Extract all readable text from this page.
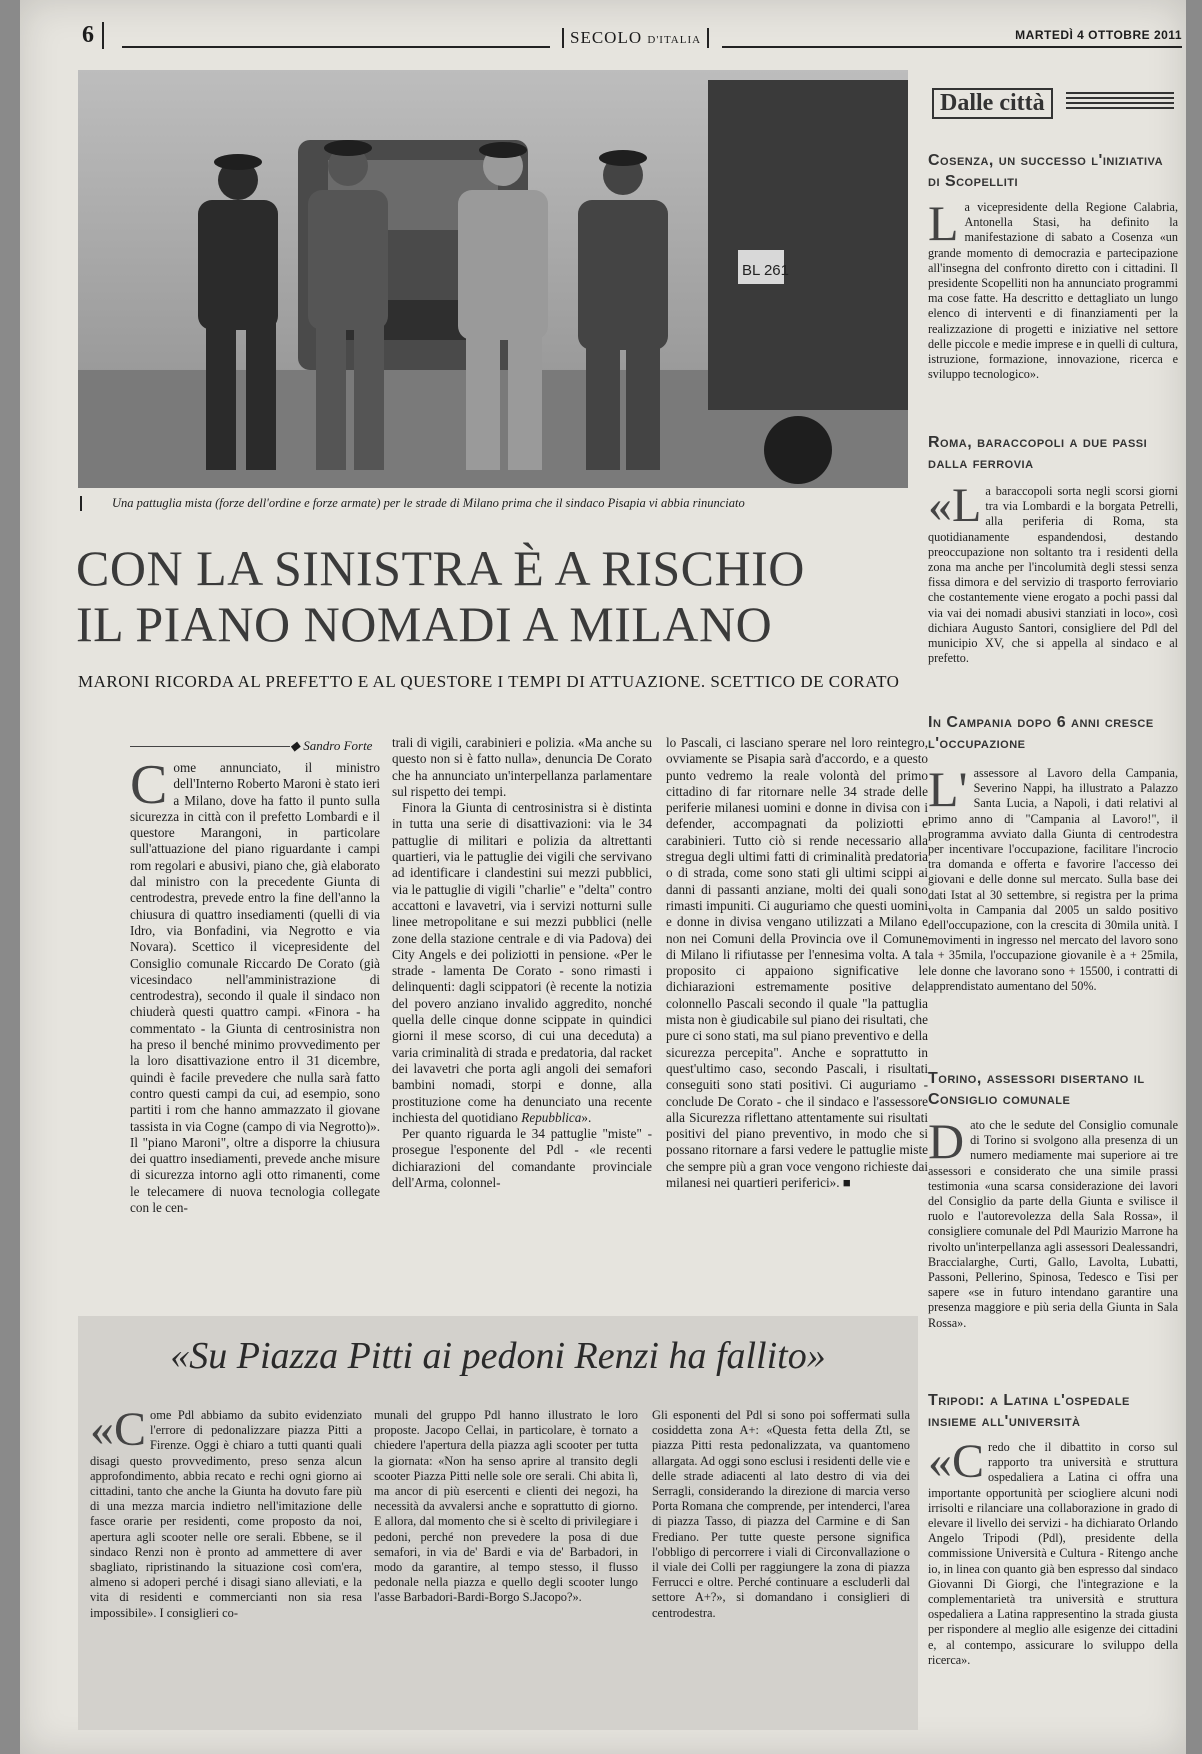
6	SECOLO D'ITALIA	MARTEDÌ 4 OTTOBRE 2011
BL 261
Una pattuglia mista (forze dell'ordine e forze armate) per le strade di Milano prima che il sindaco Pisapia vi abbia rinunciato
CON LA SINISTRA È A RISCHIO
IL PIANO NOMADI A MILANO
MARONI RICORDA AL PREFETTO E AL QUESTORE I TEMPI DI ATTUAZIONE. SCETTICO DE CORATO
◆ Sandro Forte
C ome annunciato, il ministro dell'Interno Roberto Maroni è stato ieri a Milano, dove ha fatto il punto sulla sicurezza in città con il prefetto Lombardi e il questore Marangoni, in particolare sull'attuazione del piano riguardante i campi rom regolari e abusivi, piano che, già elaborato dal ministro con la precedente Giunta di centrodestra, prevede entro la fine dell'anno la chiusura di quattro insediamenti (quelli di via Idro, via Bonfadini, via Negrotto e via Novara). Scettico il vicepresidente del Consiglio comunale Riccardo De Corato (già vicesindaco nell'amministrazione di centrodestra), secondo il quale il sindaco non chiuderà questi quattro campi. «Finora - ha commentato - la Giunta di centrosinistra non ha preso il benché minimo provvedimento per la loro disattivazione entro il 31 dicembre, quindi è facile prevedere che nulla sarà fatto contro questi campi da cui, ad esempio, sono partiti i rom che hanno ammazzato il giovane tassista in via Cogne (campo di via Negrotto)». Il "piano Maroni", oltre a disporre la chiusura dei quattro insediamenti, prevede anche misure di sicurezza intorno agli otto rimanenti, come le telecamere di nuova tecnologia collegate con le cen-

trali di vigili, carabinieri e polizia. «Ma anche su questo non si è fatto nulla», denuncia De Corato che ha annunciato un'interpellanza parlamentare sul rispetto dei tempi.

Finora la Giunta di centrosinistra si è distinta in tutta una serie di disattivazioni: via le 34 pattuglie di militari e polizia da altrettanti quartieri, via le pattuglie dei vigili che servivano ad identificare i clandestini sui mezzi pubblici, via le pattuglie di vigili "charlie" e "delta" contro accattoni e lavavetri, via i servizi notturni sulle linee metropolitane e sui mezzi pubblici (nelle zone della stazione centrale e di via Padova) dei City Angels e dei poliziotti in pensione. «Per le strade - lamenta De Corato - sono rimasti i delinquenti: dagli scippatori (è recente la notizia del povero anziano invalido aggredito, nonché quella delle cinque donne scippate in quindici giorni il mese scorso, di cui una deceduta) a varia criminalità di strada e predatoria, dal racket dei lavavetri che porta agli angoli dei semafori bambini nomadi, storpi e donne, alla prostituzione come ha denunciato una recente inchiesta del quotidiano Repubblica».

Per quanto riguarda le 34 pattuglie "miste" - prosegue l'esponente del Pdl - «le recenti dichiarazioni del comandante provinciale dell'Arma, colonnel-

lo Pascali, ci lasciano sperare nel loro reintegro, ovviamente se Pisapia sarà d'accordo, e a questo punto vedremo la reale volontà del primo cittadino di far ritornare nelle 34 strade delle periferie milanesi uomini e donne in divisa con i defender, accompagnati da poliziotti e carabinieri. Tutto ciò si rende necessario alla stregua degli ultimi fatti di criminalità predatoria o di strada, come sono stati gli ultimi scippi ai danni di passanti anziane, molti dei quali sono rimasti impuniti. Ci auguriamo che questi uomini e donne in divisa vengano utilizzati a Milano e non nei Comuni della Provincia ove il Comune di Milano li rifiutasse per l'ennesima volta. A tal proposito ci appaiono significative le dichiarazioni estremamente positive del colonnello Pascali secondo il quale "la pattuglia mista non è giudicabile sul piano dei risultati, che pure ci sono stati, ma sul piano preventivo e della sicurezza percepita". Anche e soprattutto in quest'ultimo caso, secondo Pascali, i risultati conseguiti sono stati positivi. Ci auguriamo - conclude De Corato - che il sindaco e l'assessore alla Sicurezza riflettano attentamente sui risultati positivi del piano preventivo, in modo che si possano ritornare a farsi vedere le pattuglie miste che sempre più a gran voce vengono richieste dai milanesi nei quartieri periferici». ■

«Su Piazza Pitti ai pedoni Renzi ha fallito»
«C ome Pdl abbiamo da subito evidenziato l'errore di pedonalizzare piazza Pitti a Firenze. Oggi è chiaro a tutti quanti quali disagi questo provvedimento, preso senza alcun approfondimento, abbia recato e rechi ogni giorno ai cittadini, tanto che anche la Giunta ha dovuto fare più di una mezza marcia indietro nell'imitazione delle fasce orarie per residenti, come proposto da noi, apertura agli scooter nelle ore serali. Ebbene, se il sindaco Renzi non è pronto ad ammettere di aver sbagliato, ripristinando la situazione così com'era, almeno si adoperi perché i disagi siano alleviati, e la vita di residenti e commercianti non sia resa impossibile». I consiglieri co-
munali del gruppo Pdl hanno illustrato le loro proposte. Jacopo Cellai, in particolare, è tornato a chiedere l'apertura della piazza agli scooter per tutta la giornata: «Non ha senso aprire al transito degli scooter Piazza Pitti nelle sole ore serali. Chi abita lì, ma ancor di più esercenti e clienti dei negozi, ha necessità da avvalersi anche e soprattutto di giorno. E allora, dal momento che si è scelto di privilegiare i pedoni, perché non prevedere la posa di due semafori, in via de' Bardi e via de' Barbadori, in modo da garantire, al tempo stesso, il flusso pedonale nella piazza e quello degli scooter lungo l'asse Barbadori-Bardi-Borgo S.Jacopo?».
Gli esponenti del Pdl si sono poi soffermati sulla cosiddetta zona A+: «Questa fetta della Ztl, se piazza Pitti resta pedonalizzata, va quantomeno allargata. Ad oggi sono esclusi i residenti delle vie e delle strade adiacenti al lato destro di via dei Serragli, considerando la direzione di marcia verso Porta Romana che comprende, per intenderci, l'area di piazza Tasso, di piazza del Carmine e di San Frediano. Per tutte queste persone significa l'obbligo di percorrere i viali di Circonvallazione o il viale dei Colli per raggiungere la zona di piazza Ferrucci e oltre. Perché continuare a escluderli dal settore A+?», si domandano i consiglieri di centrodestra.
Dalle città
Cosenza, un successo l'iniziativa di Scopelliti
L a vicepresidente della Regione Calabria, Antonella Stasi, ha definito la manifestazione di sabato a Cosenza «un grande momento di democrazia e partecipazione all'insegna del confronto diretto con i cittadini. Il presidente Scopelliti non ha annunciato programmi ma cose fatte. Ha descritto e dettagliato un lungo elenco di interventi e di finanziamenti per la realizzazione di progetti e iniziative nel settore delle piccole e medie imprese e in quelli di cultura, istruzione, formazione, innovazione, ricerca e sviluppo tecnologico».
Roma, baraccopoli a due passi dalla ferrovia
«L a baraccopoli sorta negli scorsi giorni tra via Lombardi e la borgata Petrelli, alla periferia di Roma, sta quotidianamente espandendosi, destando preoccupazione non soltanto tra i residenti della zona ma anche per l'incolumità degli stessi senza fissa dimora e del servizio di trasporto ferroviario che costantemente viene erogato a pochi passi dal via vai dei nomadi abusivi stanziati in loco», così dichiara Augusto Santori, consigliere del Pdl del municipio XV, che si appella al sindaco e al prefetto.
In Campania dopo 6 anni cresce l'occupazione
L' assessore al Lavoro della Campania, Severino Nappi, ha illustrato a Palazzo Santa Lucia, a Napoli, i dati relativi al primo anno di "Campania al Lavoro!", il programma avviato dalla Giunta di centrodestra per incentivare l'occupazione, facilitare l'incrocio tra domanda e offerta e favorire l'accesso dei giovani e delle donne sul mercato. Sulla base dei dati Istat al 30 settembre, si registra per la prima volta in Campania dal 2005 un saldo positivo dell'occupazione, con la crescita di 30mila unità. I movimenti in ingresso nel mercato del lavoro sono a + 35mila, l'occupazione giovanile è a + 25mila, le donne che lavorano sono + 15500, i contratti di apprendistato aumentano del 50%.
Torino, assessori disertano il Consiglio comunale
D ato che le sedute del Consiglio comunale di Torino si svolgono alla presenza di un numero mediamente mai superiore ai tre assessori e considerato che una simile prassi testimonia «una scarsa considerazione dei lavori del Consiglio da parte della Giunta e svilisce il ruolo e l'autorevolezza della Sala Rossa», il consigliere comunale del Pdl Maurizio Marrone ha rivolto un'interpellanza agli assessori Dealessandri, Braccialarghe, Curti, Gallo, Lavolta, Lubatti, Passoni, Pellerino, Spinosa, Tedesco e Tisi per sapere «se in futuro intendano garantire una presenza maggiore e più seria della Giunta in Sala Rossa».
Tripodi: a Latina l'ospedale insieme all'università
«C redo che il dibattito in corso sul rapporto tra università e struttura ospedaliera a Latina ci offra una importante opportunità per sciogliere alcuni nodi irrisolti e rilanciare una collaborazione in grado di elevare il livello dei servizi - ha dichiarato Orlando Angelo Tripodi (Pdl), presidente della commissione Università e Cultura - Ritengo anche io, in linea con quanto già ben espresso dal sindaco Giovanni Di Giorgi, che l'integrazione e la complementarietà tra università e struttura ospedaliera a Latina rappresentino la strada giusta per rispondere al meglio alle esigenze dei cittadini e, al contempo, assicurare lo sviluppo della ricerca».
